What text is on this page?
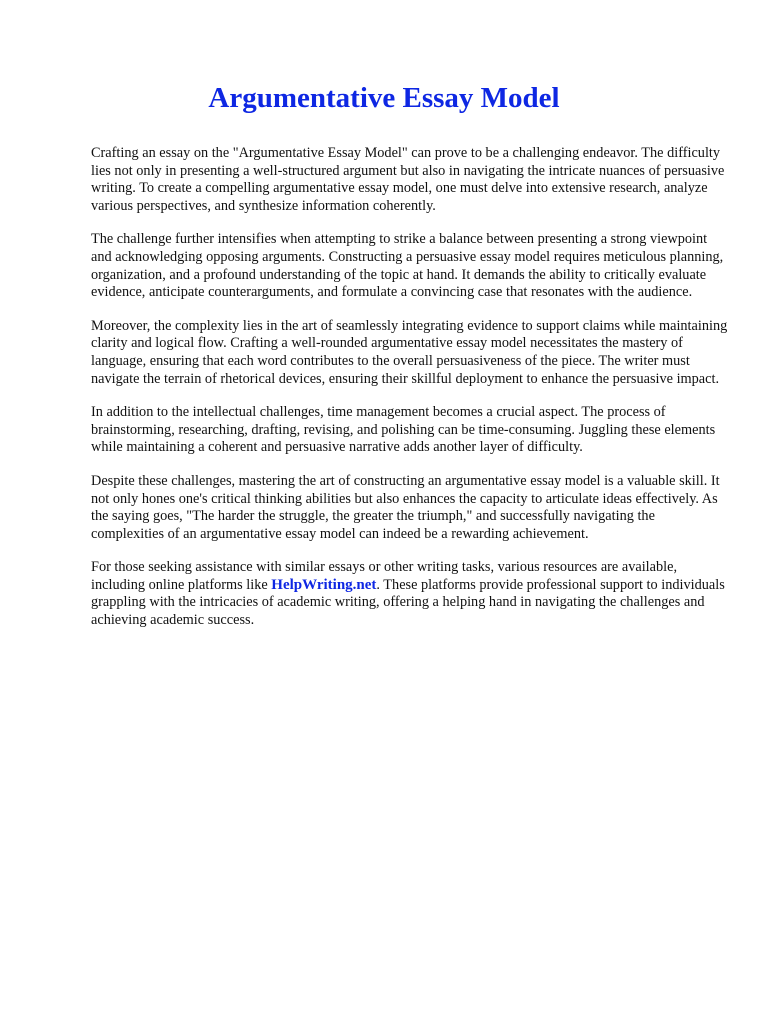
Argumentative Essay Model

Crafting an essay on the "Argumentative Essay Model" can prove to be a challenging endeavor. The difficulty lies not only in presenting a well-structured argument but also in navigating the intricate nuances of persuasive writing. To create a compelling argumentative essay model, one must delve into extensive research, analyze various perspectives, and synthesize information coherently.

The challenge further intensifies when attempting to strike a balance between presenting a strong viewpoint and acknowledging opposing arguments. Constructing a persuasive essay model requires meticulous planning, organization, and a profound understanding of the topic at hand. It demands the ability to critically evaluate evidence, anticipate counterarguments, and formulate a convincing case that resonates with the audience.

Moreover, the complexity lies in the art of seamlessly integrating evidence to support claims while maintaining clarity and logical flow. Crafting a well-rounded argumentative essay model necessitates the mastery of language, ensuring that each word contributes to the overall persuasiveness of the piece. The writer must navigate the terrain of rhetorical devices, ensuring their skillful deployment to enhance the persuasive impact.

In addition to the intellectual challenges, time management becomes a crucial aspect. The process of brainstorming, researching, drafting, revising, and polishing can be time-consuming. Juggling these elements while maintaining a coherent and persuasive narrative adds another layer of difficulty.

Despite these challenges, mastering the art of constructing an argumentative essay model is a valuable skill. It not only hones one's critical thinking abilities but also enhances the capacity to articulate ideas effectively. As the saying goes, "The harder the struggle, the greater the triumph," and successfully navigating the complexities of an argumentative essay model can indeed be a rewarding achievement.

For those seeking assistance with similar essays or other writing tasks, various resources are available, including online platforms like HelpWriting.net. These platforms provide professional support to individuals grappling with the intricacies of academic writing, offering a helping hand in navigating the challenges and achieving academic success.
